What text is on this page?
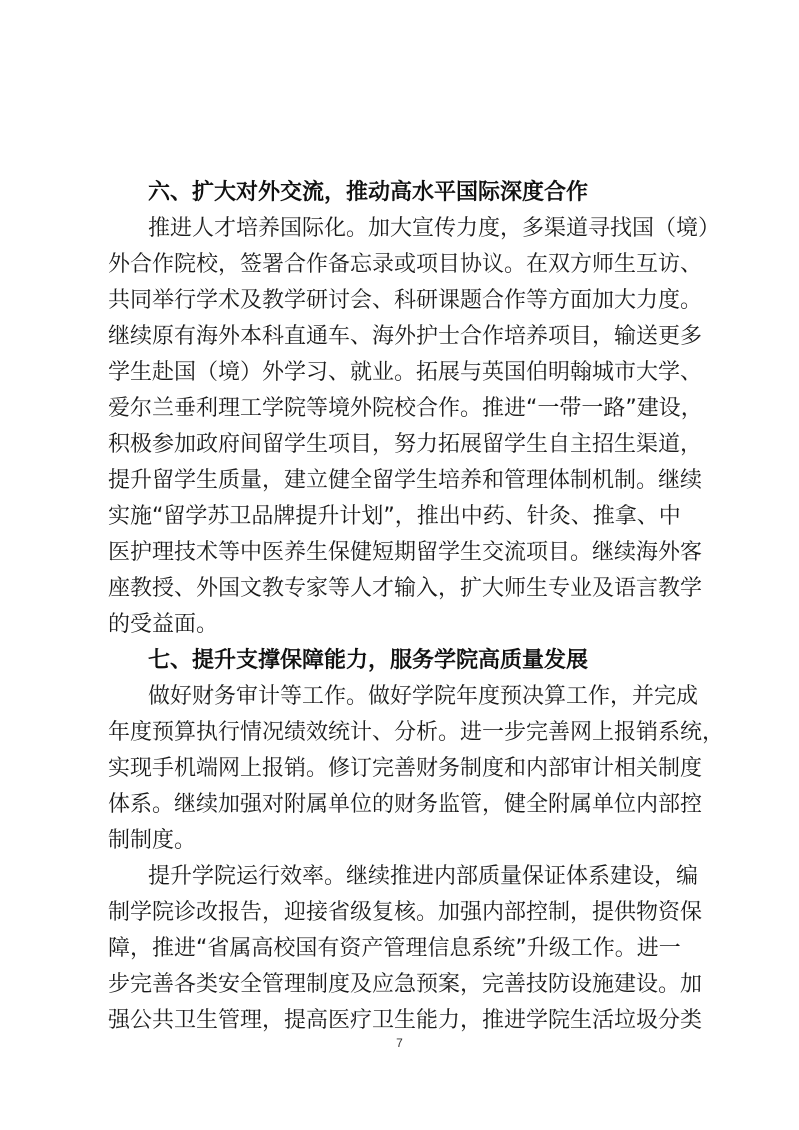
六、扩大对外交流，推动高水平国际深度合作
推进人才培养国际化。加大宣传力度，多渠道寻找国（境）
外合作院校，签署合作备忘录或项目协议。在双方师生互访、
共同举行学术及教学研讨会、科研课题合作等方面加大力度。
继续原有海外本科直通车、海外护士合作培养项目，输送更多
学生赴国（境）外学习、就业。拓展与英国伯明翰城市大学、
爱尔兰垂利理工学院等境外院校合作。推进“一带一路”建设，
积极参加政府间留学生项目，努力拓展留学生自主招生渠道，
提升留学生质量，建立健全留学生培养和管理体制机制。继续
实施“留学苏卫品牌提升计划”，推出中药、针灸、推拿、中
医护理技术等中医养生保健短期留学生交流项目。继续海外客
座教授、外国文教专家等人才输入，扩大师生专业及语言教学
的受益面。
七、提升支撑保障能力，服务学院高质量发展
做好财务审计等工作。做好学院年度预决算工作，并完成
年度预算执行情况绩效统计、分析。进一步完善网上报销系统，
实现手机端网上报销。修订完善财务制度和内部审计相关制度
体系。继续加强对附属单位的财务监管，健全附属单位内部控
制制度。
提升学院运行效率。继续推进内部质量保证体系建设，编
制学院诊改报告，迎接省级复核。加强内部控制，提供物资保
障，推进“省属高校国有资产管理信息系统”升级工作。进一
步完善各类安全管理制度及应急预案，完善技防设施建设。加
强公共卫生管理，提高医疗卫生能力，推进学院生活垃圾分类
7
